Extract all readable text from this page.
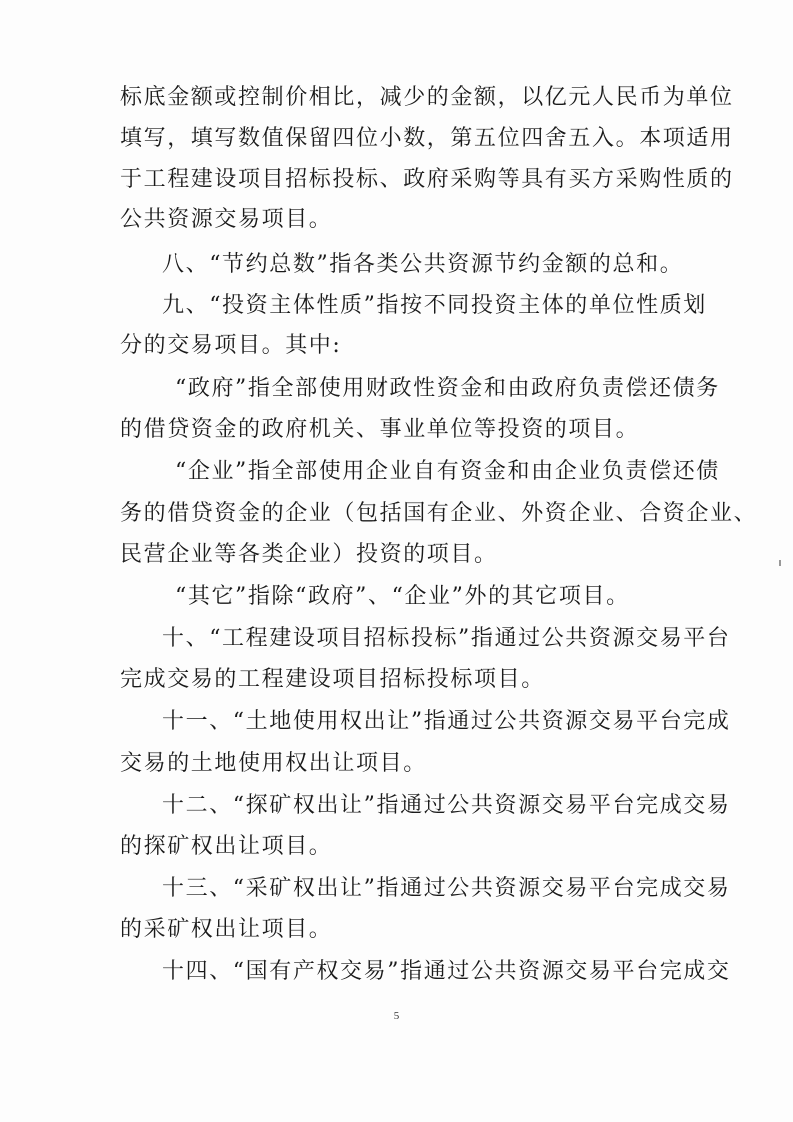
标底金额或控制价相比，减少的金额，以亿元人民币为单位
填写，填写数值保留四位小数，第五位四舍五入。本项适用
于工程建设项目招标投标、政府采购等具有买方采购性质的
公共资源交易项目。
八、“节约总数”指各类公共资源节约金额的总和。
九、“投资主体性质”指按不同投资主体的单位性质划
分的交易项目。其中:
“政府”指全部使用财政性资金和由政府负责偿还债务
的借贷资金的政府机关、事业单位等投资的项目。
“企业”指全部使用企业自有资金和由企业负责偿还债
务的借贷资金的企业（包括国有企业、外资企业、合资企业、
民营企业等各类企业）投资的项目。
“其它”指除“政府”、“企业”外的其它项目。
十、“工程建设项目招标投标”指通过公共资源交易平台
完成交易的工程建设项目招标投标项目。
十一、“土地使用权出让”指通过公共资源交易平台完成
交易的土地使用权出让项目。
十二、“探矿权出让”指通过公共资源交易平台完成交易
的探矿权出让项目。
十三、“采矿权出让”指通过公共资源交易平台完成交易
的采矿权出让项目。
十四、“国有产权交易”指通过公共资源交易平台完成交
5
